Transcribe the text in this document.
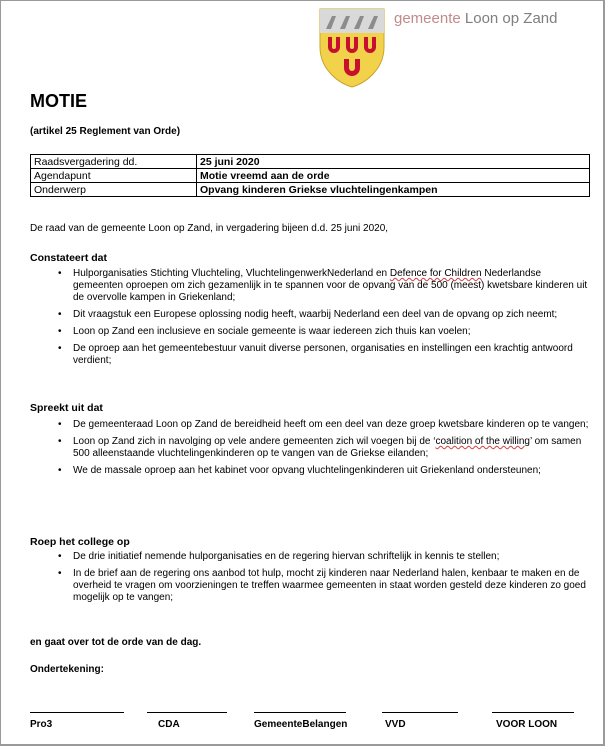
gemeente Loon op Zand
MOTIE
(artikel 25 Reglement van Orde)
Raadsvergadering dd.	25 juni 2020
Agendapunt	Motie vreemd aan de orde
Onderwerp	Opvang kinderen Griekse vluchtelingenkampen
De raad van de gemeente Loon op Zand, in vergadering bijeen d.d. 25 juni 2020,
Constateert dat
• Hulporganisaties Stichting Vluchteling, VluchtelingenwerkNederland en Defence for Children Nederlandse gemeenten oproepen om zich gezamenlijk in te spannen voor de opvang van de 500 (meest) kwetsbare kinderen uit de overvolle kampen in Griekenland;
• Dit vraagstuk een Europese oplossing nodig heeft, waarbij Nederland een deel van de opvang op zich neemt;
• Loon op Zand een inclusieve en sociale gemeente is waar iedereen zich thuis kan voelen;
• De oproep aan het gemeentebestuur vanuit diverse personen, organisaties en instellingen een krachtig antwoord verdient;
Spreekt uit dat
• De gemeenteraad Loon op Zand de bereidheid heeft om een deel van deze groep kwetsbare kinderen op te vangen;
• Loon op Zand zich in navolging op vele andere gemeenten zich wil voegen bij de ‘coalition of the willing’ om samen 500 alleenstaande vluchtelingenkinderen op te vangen van de Griekse eilanden;
• We de massale oproep aan het kabinet voor opvang vluchtelingenkinderen uit Griekenland ondersteunen;
Roep het college op
• De drie initiatief nemende hulporganisaties en de regering hiervan schriftelijk in kennis te stellen;
• In de brief aan de regering ons aanbod tot hulp, mocht zij kinderen naar Nederland halen, kenbaar te maken en de overheid te vragen om voorzieningen te treffen waarmee gemeenten in staat worden gesteld deze kinderen zo goed mogelijk op te vangen;
en gaat over tot de orde van de dag.
Ondertekening:
Pro3	CDA	GemeenteBelangen	VVD	VOOR LOON
